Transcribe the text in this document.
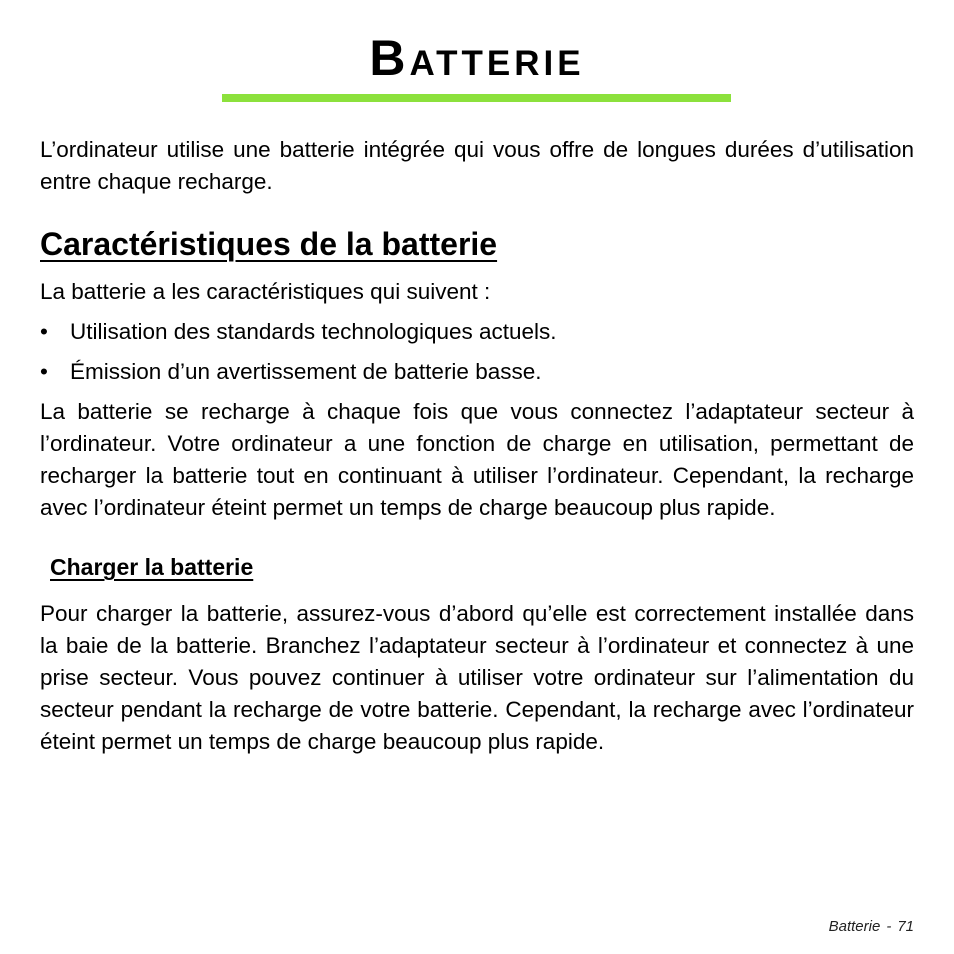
Batterie

L’ordinateur utilise une batterie intégrée qui vous offre de longues durées d’utilisation entre chaque recharge.

Caractéristiques de la batterie

La batterie a les caractéristiques qui suivent :

• Utilisation des standards technologiques actuels.
• Émission d’un avertissement de batterie basse.

La batterie se recharge à chaque fois que vous connectez l’adaptateur secteur à l’ordinateur. Votre ordinateur a une fonction de charge en utilisation, permettant de recharger la batterie tout en continuant à utiliser l’ordinateur. Cependant, la recharge avec l’ordinateur éteint permet un temps de charge beaucoup plus rapide.

Charger la batterie

Pour charger la batterie, assurez-vous d’abord qu’elle est correctement installée dans la baie de la batterie. Branchez l’adaptateur secteur à l’ordinateur et connectez à une prise secteur. Vous pouvez continuer à utiliser votre ordinateur sur l’alimentation du secteur pendant la recharge de votre batterie. Cependant, la recharge avec l’ordinateur éteint permet un temps de charge beaucoup plus rapide.

Batterie - 71
